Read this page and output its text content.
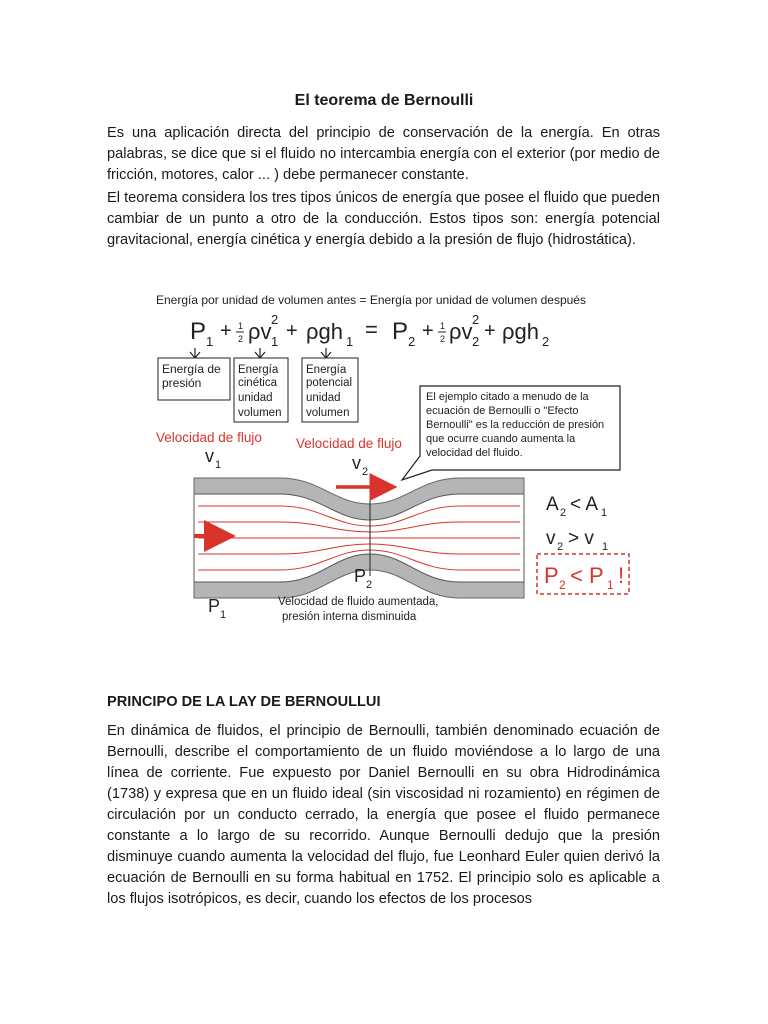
El teorema de Bernoulli

Es una aplicación directa del principio de conservación de la energía. En otras palabras, se dice que si el fluido no intercambia energía con el exterior (por medio de fricción, motores, calor ... ) debe permanecer constante.

El teorema considera los tres tipos únicos de energía que posee el fluido que pueden cambiar de un punto a otro de la conducción. Estos tipos son: energía potencial gravitacional, energía cinética y energía debido a la presión de flujo (hidrostática).

Energía por unidad de volumen antes = Energía por unidad de volumen después
P 1 + 1
2 ρv 1
2
+ ρgh 1 = P 2 + 1
2 ρv 2
2
+ ρgh 2
Energía de
presión
Energía
cinética
unidad
volumen
Energía
potencial
unidad
volumen
El ejemplo citado a menudo de la
ecuación de Bernoulli o "Efecto
Bernoulli" es la reducción de presión
que ocurre cuando aumenta la
velocidad del fluido.
Velocidad de flujo
v 1
Velocidad de flujo
v 2
P 2
P 1
Velocidad de fluido aumentada,
presión interna disminuida
A 2 < A 1
v 2 > v 1
P 2 < P 1 !
PRINCIPO DE LA LAY DE BERNOULLUI

En dinámica de fluidos, el principio de Bernoulli, también denominado ecuación de Bernoulli, describe el comportamiento de un fluido moviéndose a lo largo de una línea de corriente. Fue expuesto por Daniel Bernoulli en su obra Hidrodinámica (1738) y expresa que en un fluido ideal (sin viscosidad ni rozamiento) en régimen de circulación por un conducto cerrado, la energía que posee el fluido permanece constante a lo largo de su recorrido. Aunque Bernoulli dedujo que la presión disminuye cuando aumenta la velocidad del flujo, fue Leonhard Euler quien derivó la ecuación de Bernoulli en su forma habitual en 1752. El principio solo es aplicable a los flujos isotrópicos, es decir, cuando los efectos de los procesos
